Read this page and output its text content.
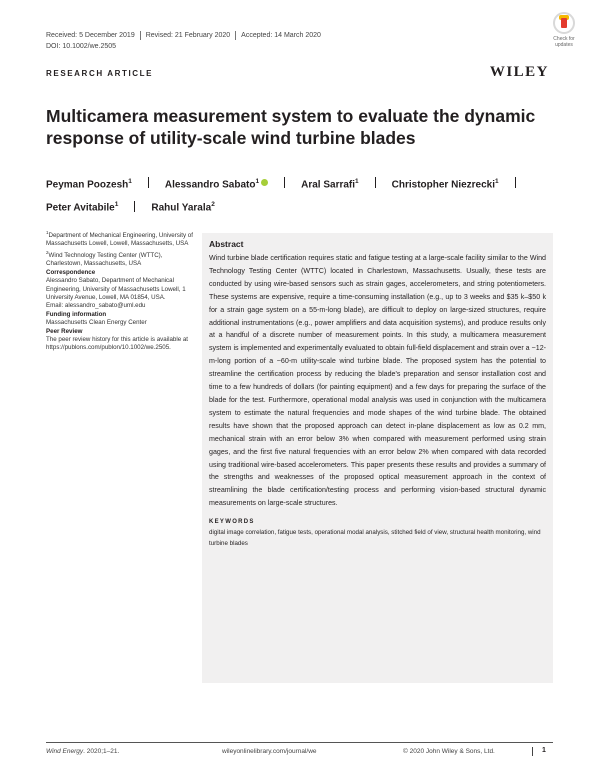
Received: 5 December 2019	Revised: 21 February 2020	Accepted: 14 March 2020
DOI: 10.1002/we.2505
Check for
updates
RESEARCH ARTICLE	WILEY
Multicamera measurement system to evaluate the dynamic response of utility-scale wind turbine blades
Peyman Poozesh$^1$	Alessandro Sabato$^1$	Aral Sarrafi$^1$	Christopher Niezrecki$^1$Peter Avitabile$^1$	Rahul Yarala$^2$

$^1$Department of Mechanical Engineering, University of Massachusetts Lowell, Lowell, Massachusetts, USA

$^2$Wind Technology Testing Center (WTTC), Charlestown, Massachusetts, USA

Correspondence

Alessandro Sabato, Department of Mechanical Engineering, University of Massachusetts Lowell, 1 University Avenue, Lowell, MA 01854, USA.

Email: alessandro_sabato@uml.edu

Funding information

Massachusetts Clean Energy Center

Peer Review

The peer review history for this article is available at https://publons.com/publon/10.1002/we.2505.

Abstract
Wind turbine blade certification requires static and fatigue testing at a large-scale facility similar to the Wind Technology Testing Center (WTTC) located in Charlestown, Massachusetts. Usually, these tests are conducted by using wire-based sensors such as strain gages, accelerometers, and string potentiometers. These systems are expensive, require a time-consuming installation (e.g., up to 3 weeks and $35 k–$50 k for a strain gage system on a 55-m-long blade), are difficult to deploy on large-sized structures, require additional instrumentations (e.g., power amplifiers and data acquisition systems), and produce results only at a handful of a discrete number of measurement points. In this study, a multicamera measurement system is implemented and experimentally evaluated to obtain full-field displacement and strain over a ~12-m-long portion of a ~60-m utility-scale wind turbine blade. The proposed system has the potential to streamline the certification process by reducing the blade's preparation and sensor installation cost and time to a few hundreds of dollars (for painting equipment) and a few days for preparing the surface of the blade for the test. Furthermore, operational modal analysis was used in conjunction with the multicamera system to estimate the natural frequencies and mode shapes of the wind turbine blade. The obtained results have shown that the proposed approach can detect in-plane displacement as low as 0.2 mm, mechanical strain with an error below 3% when compared with measurement performed using strain gages, and the first five natural frequencies with an error below 2% when compared with data recorded using traditional wire-based accelerometers. This paper presents these results and provides a summary of the strengths and weaknesses of the proposed optical measurement approach in the context of streamlining the blade certification/testing process and performing vision-based structural dynamic measurements on large-scale structures.
KEYWORDS
digital image correlation, fatigue tests, operational modal analysis, stitched field of view, structural health monitoring, wind turbine blades
Wind Energy. 2020;1–21.	wileyonlinelibrary.com/journal/we	© 2020 John Wiley & Sons, Ltd.	1
